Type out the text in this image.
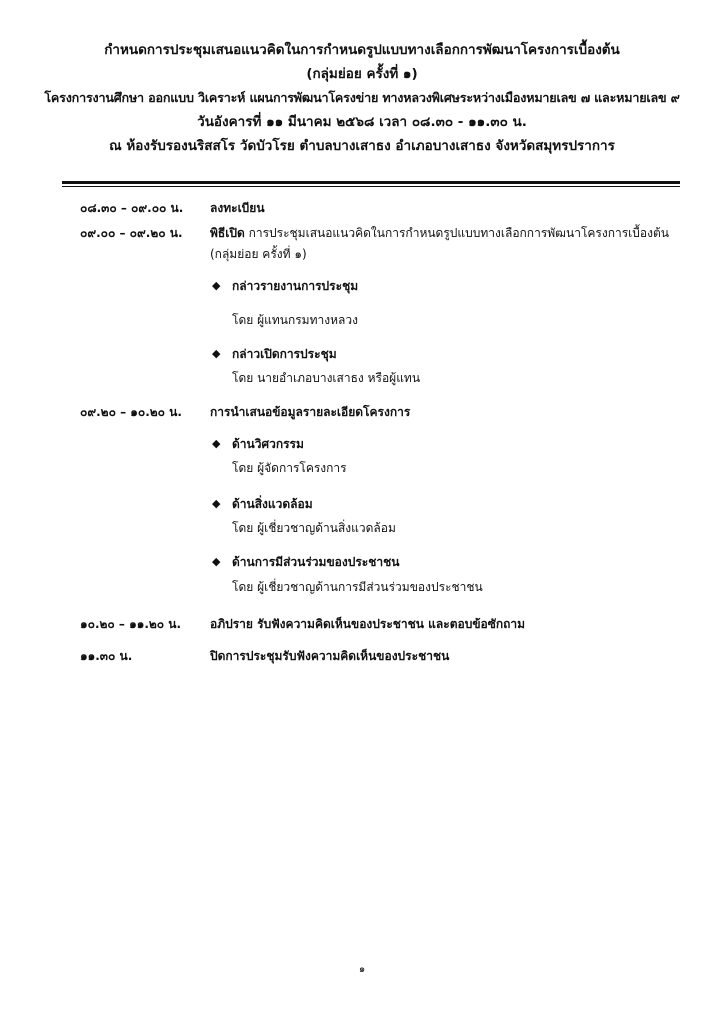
กำหนดการประชุมเสนอแนวคิดในการกำหนดรูปแบบทางเลือกการพัฒนาโครงการเบื้องต้น
(กลุ่มย่อย ครั้งที่ ๑)
โครงการงานศึกษา ออกแบบ วิเคราะห์ แผนการพัฒนาโครงข่าย ทางหลวงพิเศษระหว่างเมืองหมายเลข ๗ และหมายเลข ๙
วันอังคารที่ ๑๑ มีนาคม ๒๕๖๘ เวลา ๐๘.๓๐ - ๑๑.๓๐ น.
ณ ห้องรับรองนริสสโร วัดบัวโรย ตำบลบางเสาธง อำเภอบางเสาธง จังหวัดสมุทรปราการ
๐๘.๓๐ – ๐๙.๐๐ น. ลงทะเบียน
๐๙.๐๐ – ๐๙.๒๐ น. พิธีเปิด การประชุมเสนอแนวคิดในการกำหนดรูปแบบทางเลือกการพัฒนาโครงการเบื้องต้น
(กลุ่มย่อย ครั้งที่ ๑)
◆ กล่าวรายงานการประชุม
โดย ผู้แทนกรมทางหลวง
◆ กล่าวเปิดการประชุม
โดย นายอำเภอบางเสาธง หรือผู้แทน
๐๙.๒๐ – ๑๐.๒๐ น. การนำเสนอข้อมูลรายละเอียดโครงการ
◆ ด้านวิศวกรรม
โดย ผู้จัดการโครงการ
◆ ด้านสิ่งแวดล้อม
โดย ผู้เชี่ยวชาญด้านสิ่งแวดล้อม
◆ ด้านการมีส่วนร่วมของประชาชน
โดย ผู้เชี่ยวชาญด้านการมีส่วนร่วมของประชาชน
๑๐.๒๐ – ๑๑.๒๐ น. อภิปราย รับฟังความคิดเห็นของประชาชน และตอบข้อซักถาม
๑๑.๓๐ น.	ปิดการประชุมรับฟังความคิดเห็นของประชาชน
๑
